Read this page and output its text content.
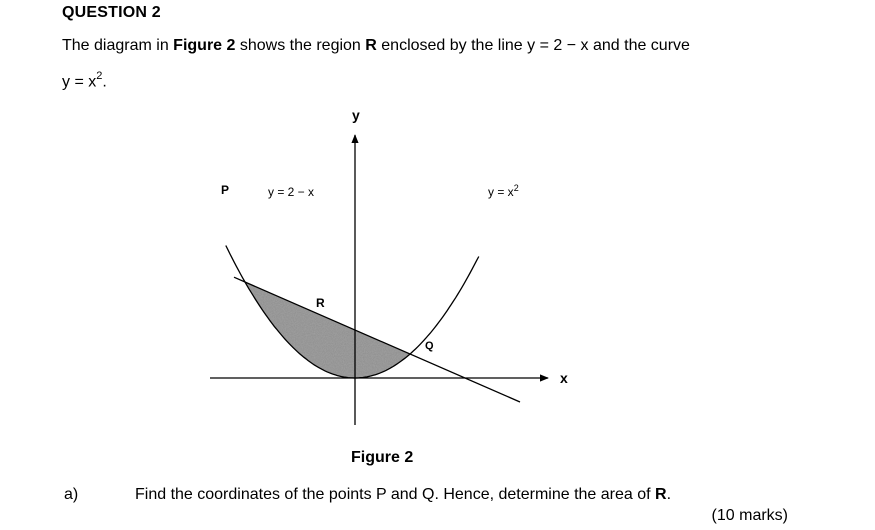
QUESTION 2
The diagram in Figure 2 shows the region R enclosed by the line y = 2 − x and the curve
$y = x^2$.
y
x
P
Q
R
y = 2 − x	$y = x^2$
Figure 2
a)	Find the coordinates of the points P and Q. Hence, determine the area of R.
(10 marks)
